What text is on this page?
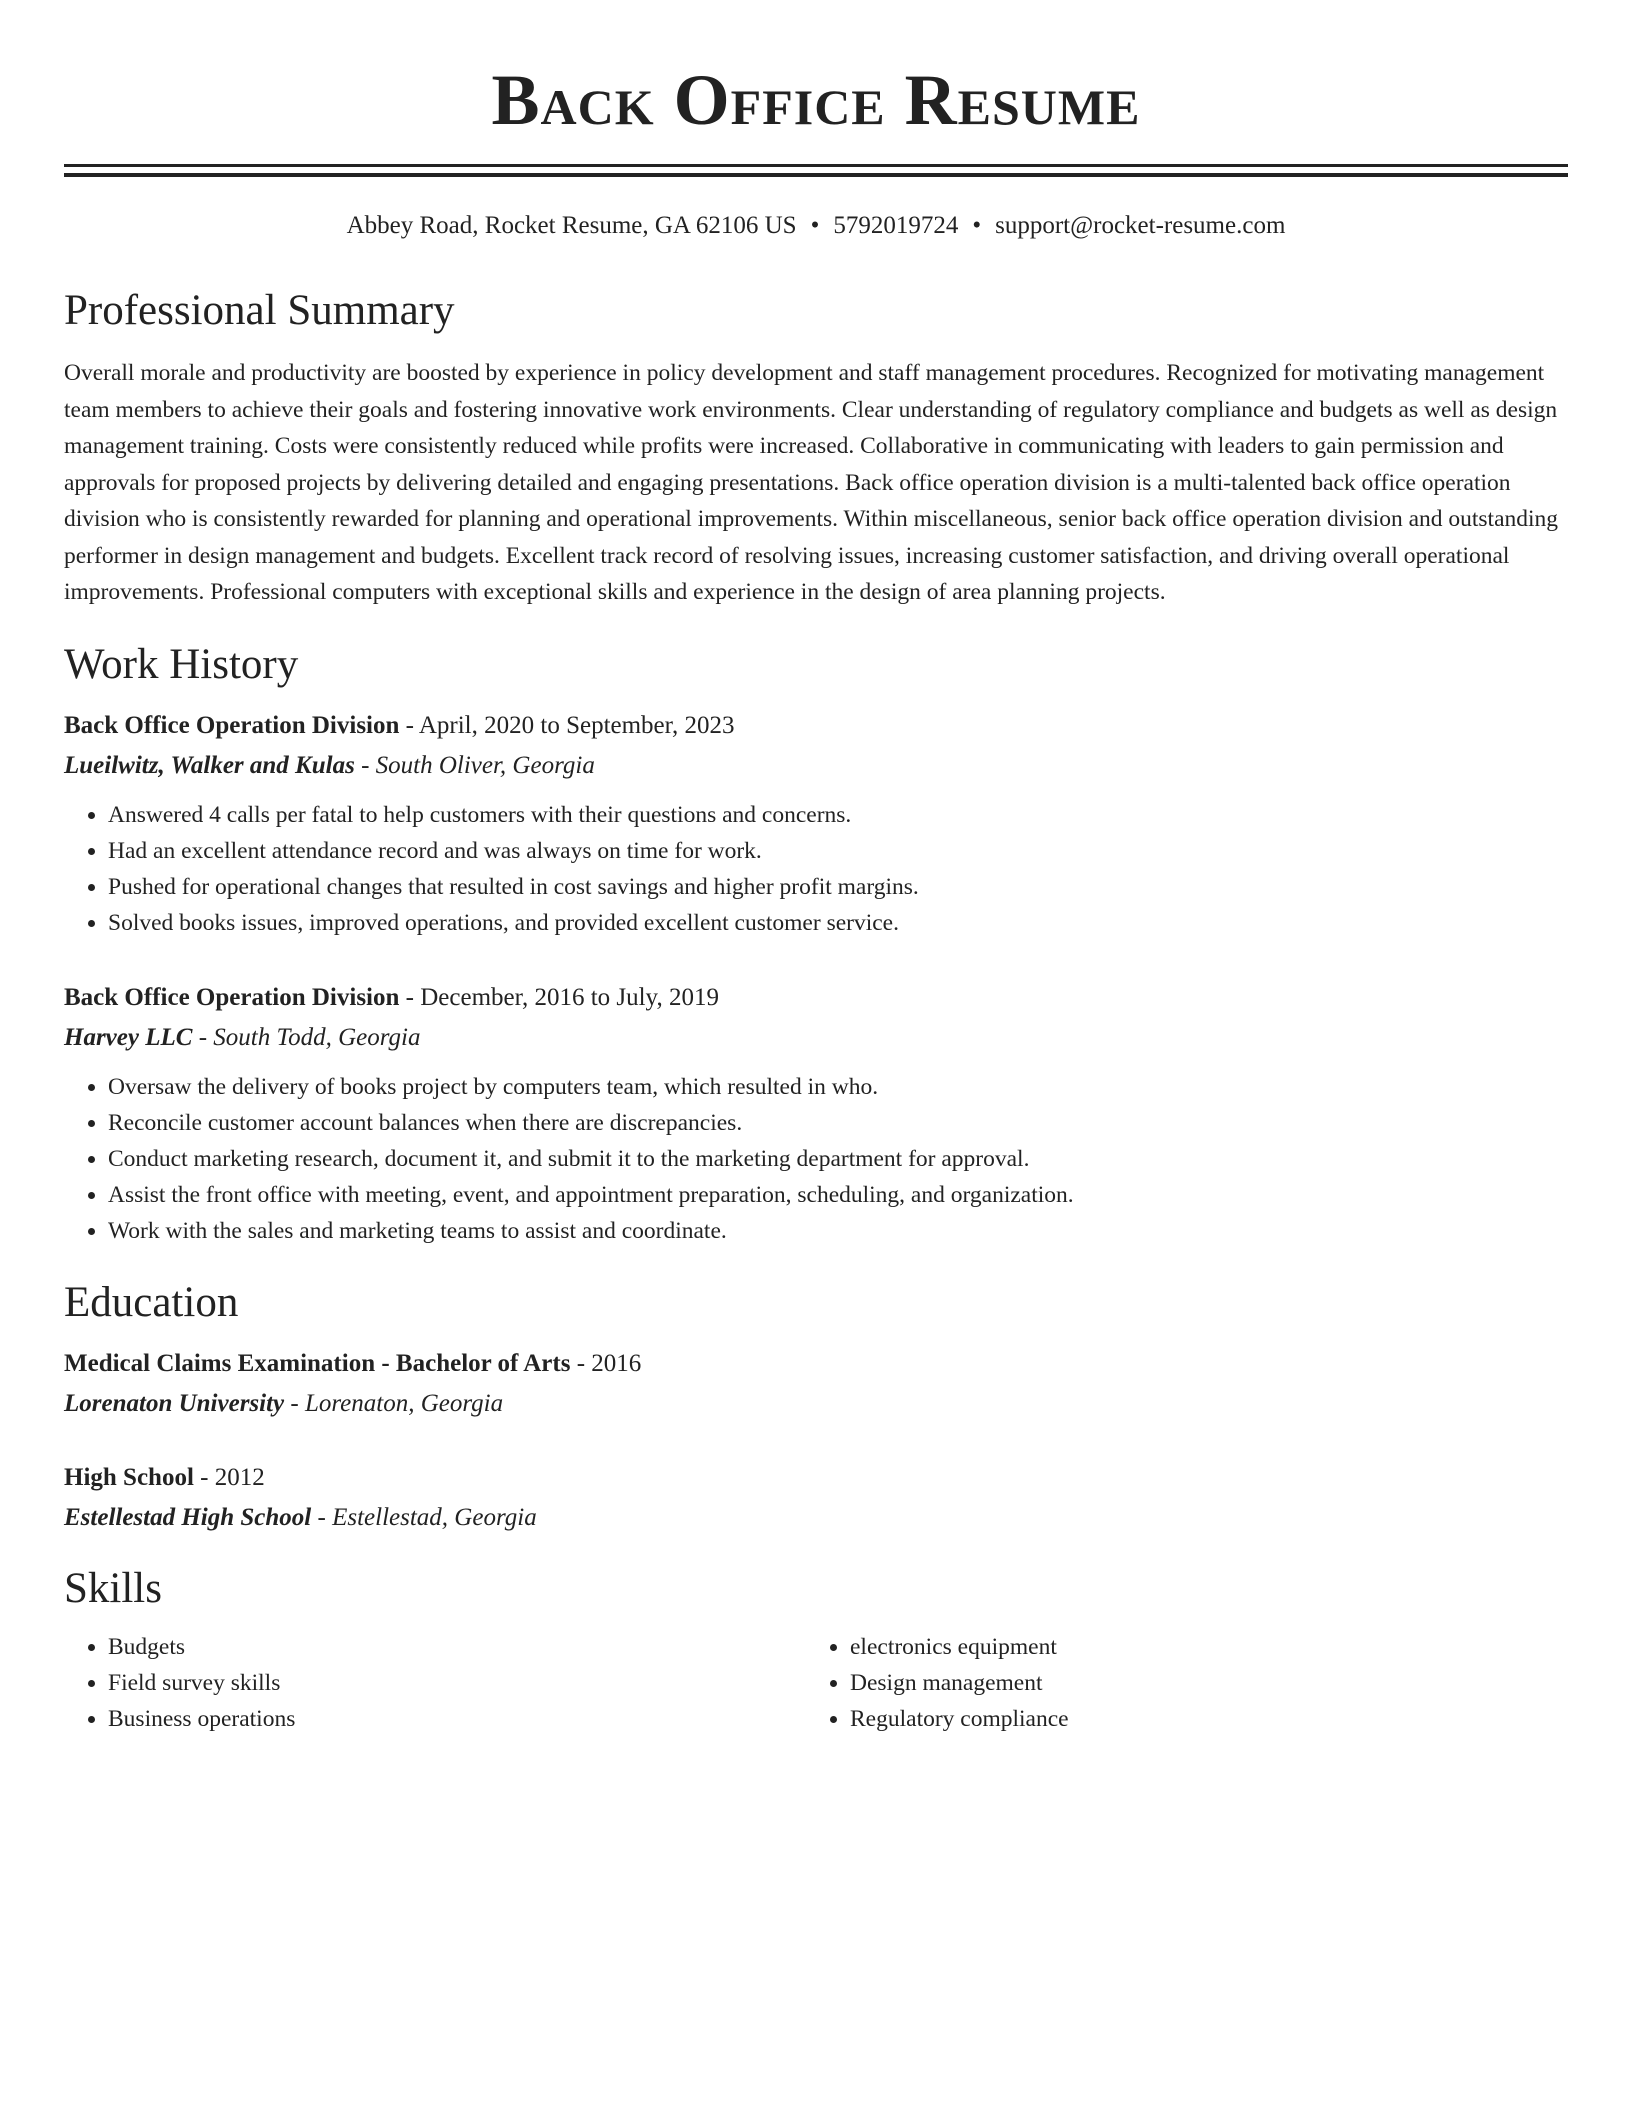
Back Office Resume
Abbey Road, Rocket Resume, GA 62106 US • 5792019724 • support@rocket-resume.com
Professional Summary

Overall morale and productivity are boosted by experience in policy development and staff management procedures. Recognized for motivating management team members to achieve their goals and fostering innovative work environments. Clear understanding of regulatory compliance and budgets as well as design management training. Costs were consistently reduced while profits were increased. Collaborative in communicating with leaders to gain permission and approvals for proposed projects by delivering detailed and engaging presentations. Back office operation division is a multi-talented back office operation division who is consistently rewarded for planning and operational improvements. Within miscellaneous, senior back office operation division and outstanding performer in design management and budgets. Excellent track record of resolving issues, increasing customer satisfaction, and driving overall operational improvements. Professional computers with exceptional skills and experience in the design of area planning projects.

Work History
Back Office Operation Division - April, 2020 to September, 2023
Lueilwitz, Walker and Kulas - South Oliver, Georgia
• Answered 4 calls per fatal to help customers with their questions and concerns.
• Had an excellent attendance record and was always on time for work.
• Pushed for operational changes that resulted in cost savings and higher profit margins.
• Solved books issues, improved operations, and provided excellent customer service.
Back Office Operation Division - December, 2016 to July, 2019
Harvey LLC - South Todd, Georgia
• Oversaw the delivery of books project by computers team, which resulted in who.
• Reconcile customer account balances when there are discrepancies.
• Conduct marketing research, document it, and submit it to the marketing department for approval.
• Assist the front office with meeting, event, and appointment preparation, scheduling, and organization.
• Work with the sales and marketing teams to assist and coordinate.
Education
Medical Claims Examination - Bachelor of Arts - 2016
Lorenaton University - Lorenaton, Georgia
High School - 2012
Estellestad High School - Estellestad, Georgia
Skills
• Budgets
• Field survey skills
• Business operations
• electronics equipment
• Design management
• Regulatory compliance
